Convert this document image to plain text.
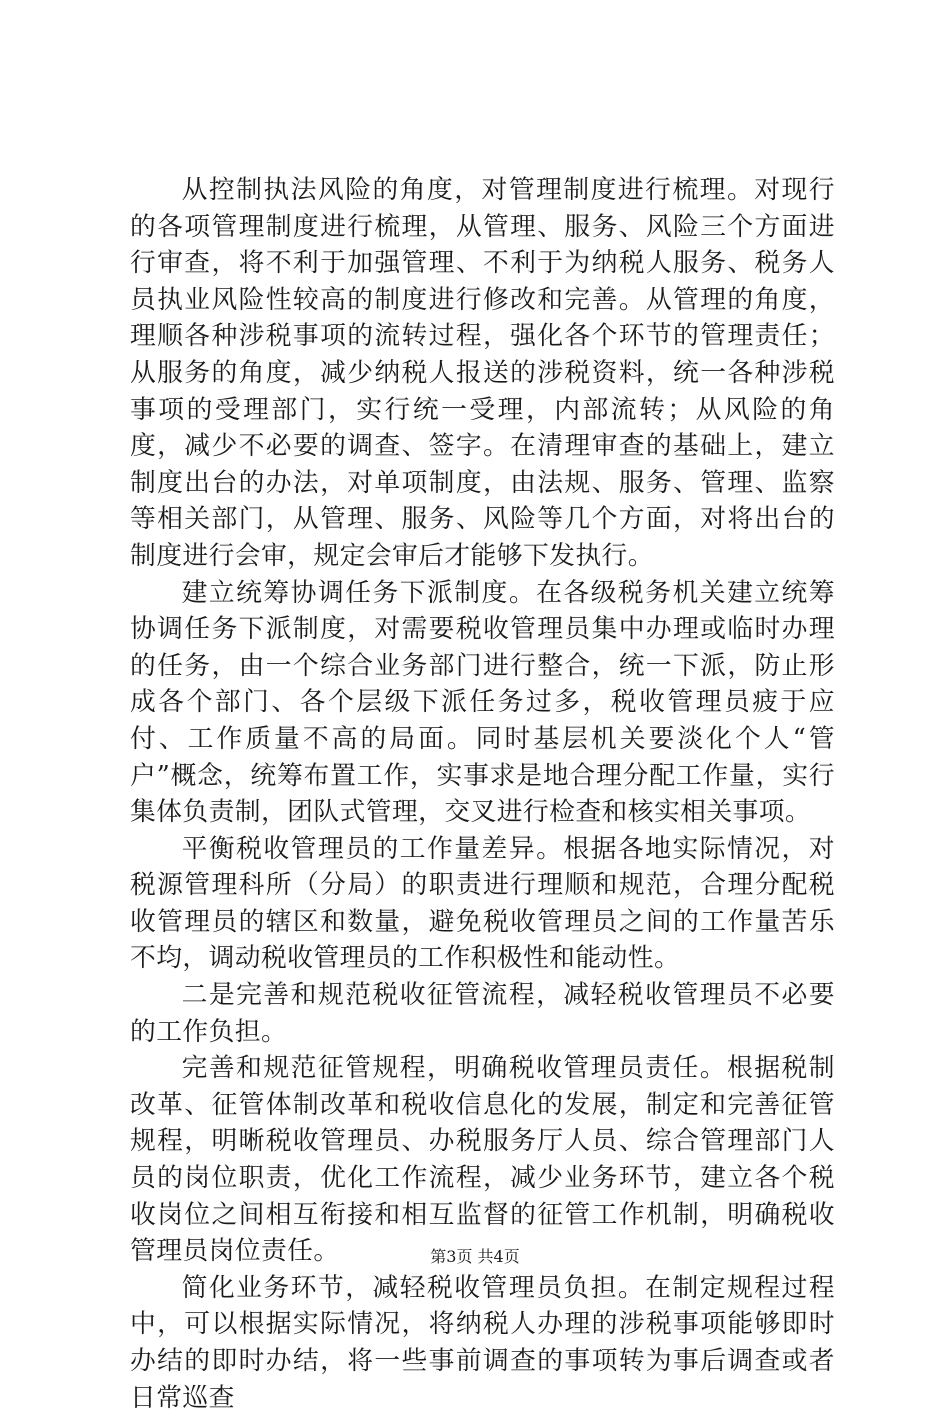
从控制执法风险的角度，对管理制度进行梳理。对现行的各项管理制度进行梳理，从管理、服务、风险三个方面进行审查，将不利于加强管理、不利于为纳税人服务、税务人员执业风险性较高的制度进行修改和完善。从管理的角度，理顺各种涉税事项的流转过程，强化各个环节的管理责任；从服务的角度，减少纳税人报送的涉税资料，统一各种涉税事项的受理部门，实行统一受理，内部流转；从风险的角度，减少不必要的调查、签字。在清理审查的基础上，建立制度出台的办法，对单项制度，由法规、服务、管理、监察等相关部门，从管理、服务、风险等几个方面，对将出台的制度进行会审，规定会审后才能够下发执行。

建立统筹协调任务下派制度。在各级税务机关建立统筹协调任务下派制度，对需要税收管理员集中办理或临时办理的任务，由一个综合业务部门进行整合，统一下派，防止形成各个部门、各个层级下派任务过多，税收管理员疲于应付、工作质量不高的局面。同时基层机关要淡化个人“管户”概念，统筹布置工作，实事求是地合理分配工作量，实行集体负责制，团队式管理，交叉进行检查和核实相关事项。

平衡税收管理员的工作量差异。根据各地实际情况，对税源管理科所（分局）的职责进行理顺和规范，合理分配税收管理员的辖区和数量，避免税收管理员之间的工作量苦乐不均，调动税收管理员的工作积极性和能动性。

二是完善和规范税收征管流程，减轻税收管理员不必要的工作负担。

完善和规范征管规程，明确税收管理员责任。根据税制改革、征管体制改革和税收信息化的发展，制定和完善征管规程，明晰税收管理员、办税服务厅人员、综合管理部门人员的岗位职责，优化工作流程，减少业务环节，建立各个税收岗位之间相互衔接和相互监督的征管工作机制，明确税收管理员岗位责任。

简化业务环节，减轻税收管理员负担。在制定规程过程中，可以根据实际情况，将纳税人办理的涉税事项能够即时办结的即时办结，将一些事前调查的事项转为事后调查或者日常巡查

第3页 共4页
